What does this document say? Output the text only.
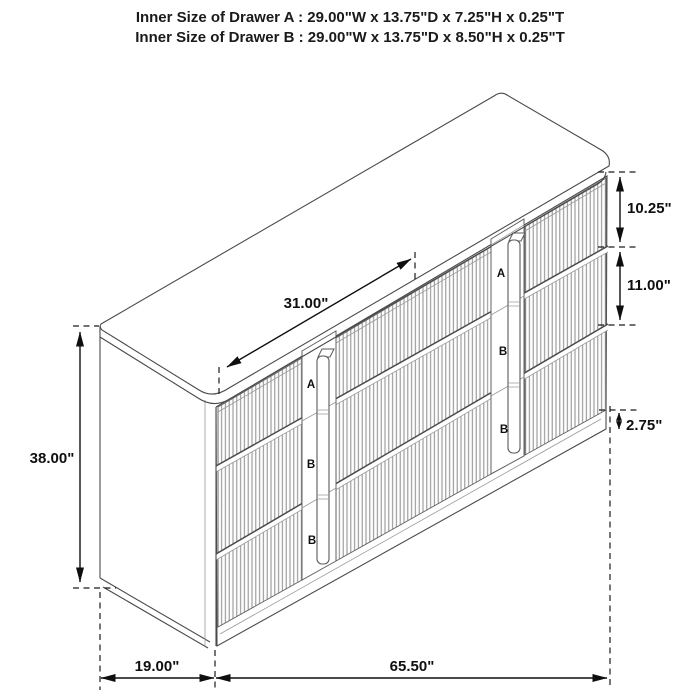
Inner Size of Drawer A : 29.00"W x 13.75"D x 7.25"H x 0.25"T
Inner Size of Drawer B : 29.00"W x 13.75"D x 8.50"H x 0.25"T
A
B
B
A
B
B
38.00"
31.00"
10.25"
11.00"
2.75"
19.00"	65.50"
